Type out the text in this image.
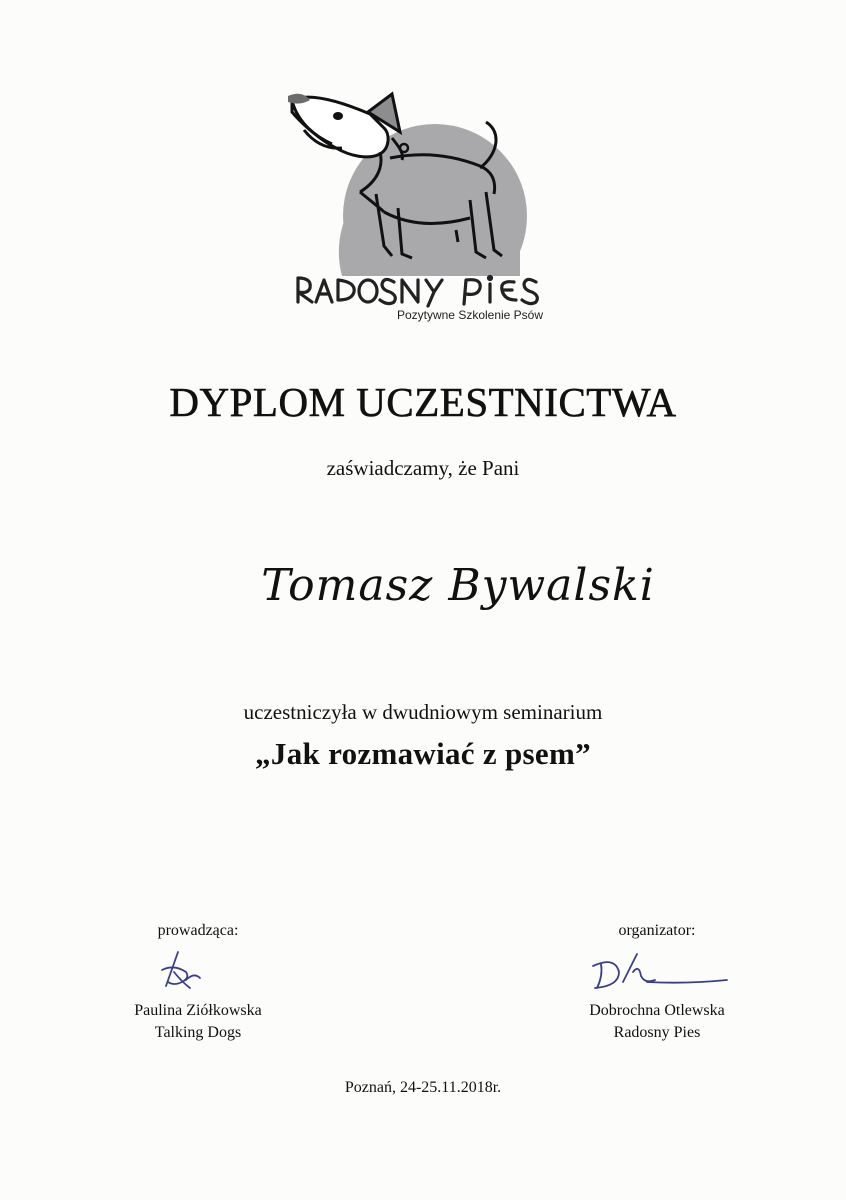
Pozytywne Szkolenie Psów
DYPLOM UCZESTNICTWA
zaświadczamy, że Pani
Tomasz Bywalski
uczestniczyła w dwudniowym seminarium
„Jak rozmawiać z psem”
prowadząca:
Paulina Ziółkowska
Talking Dogs
organizator:
Dobrochna Otlewska
Radosny Pies
Poznań, 24-25.11.2018r.
